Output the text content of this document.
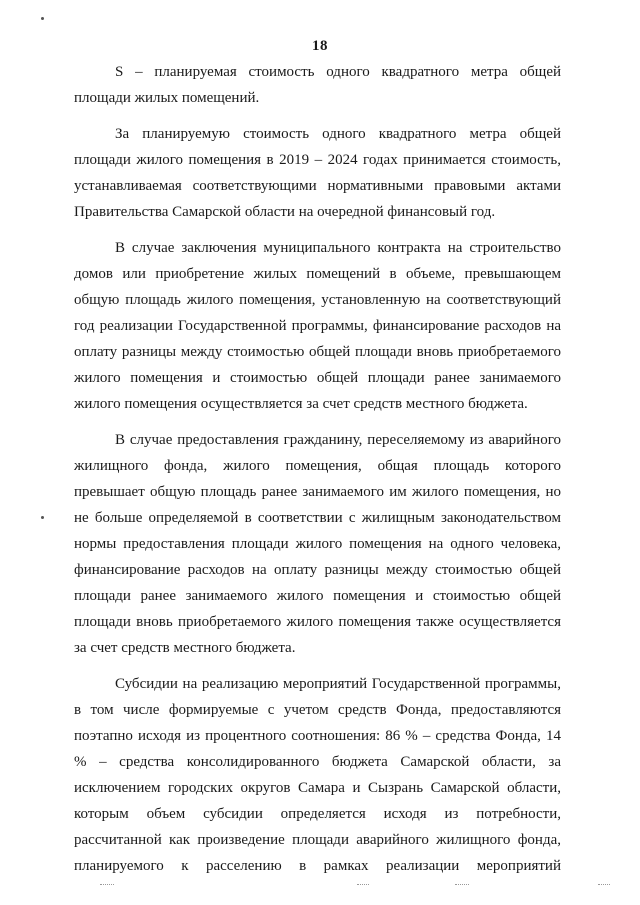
18

S – планируемая стоимость одного квадратного метра общей площади жилых помещений.

За планируемую стоимость одного квадратного метра общей площади жилого помещения в 2019 – 2024 годах принимается стоимость, устанавливаемая соответствующими нормативными правовыми актами Правительства Самарской области на очередной финансовый год.

В случае заключения муниципального контракта на строительство домов или приобретение жилых помещений в объеме, превышающем общую площадь жилого помещения, установленную на соответствующий год реализации Государственной программы, финансирование расходов на оплату разницы между стоимостью общей площади вновь приобретаемого жилого помещения и стоимостью общей площади ранее занимаемого жилого помещения осуществляется за счет средств местного бюджета.

В случае предоставления гражданину, переселяемому из аварийного жилищного фонда, жилого помещения, общая площадь которого превышает общую площадь ранее занимаемого им жилого помещения, но не больше определяемой в соответствии с жилищным законодательством нормы предоставления площади жилого помещения на одного человека, финансирование расходов на оплату разницы между стоимостью общей площади ранее занимаемого жилого помещения и стоимостью общей площади вновь приобретаемого жилого помещения также осуществляется за счет средств местного бюджета.

Субсидии на реализацию мероприятий Государственной программы, в том числе формируемые с учетом средств Фонда, предоставляются поэтапно исходя из процентного соотношения: 86 % – средства Фонда, 14 % – средства консолидированного бюджета Самарской области, за исключением городских округов Самара и Сызрань Самарской области, которым объем субсидии определяется исходя из потребности, рассчитанной как произведение площади аварийного жилищного фонда, планируемого к расселению в рамках реализации мероприятий
